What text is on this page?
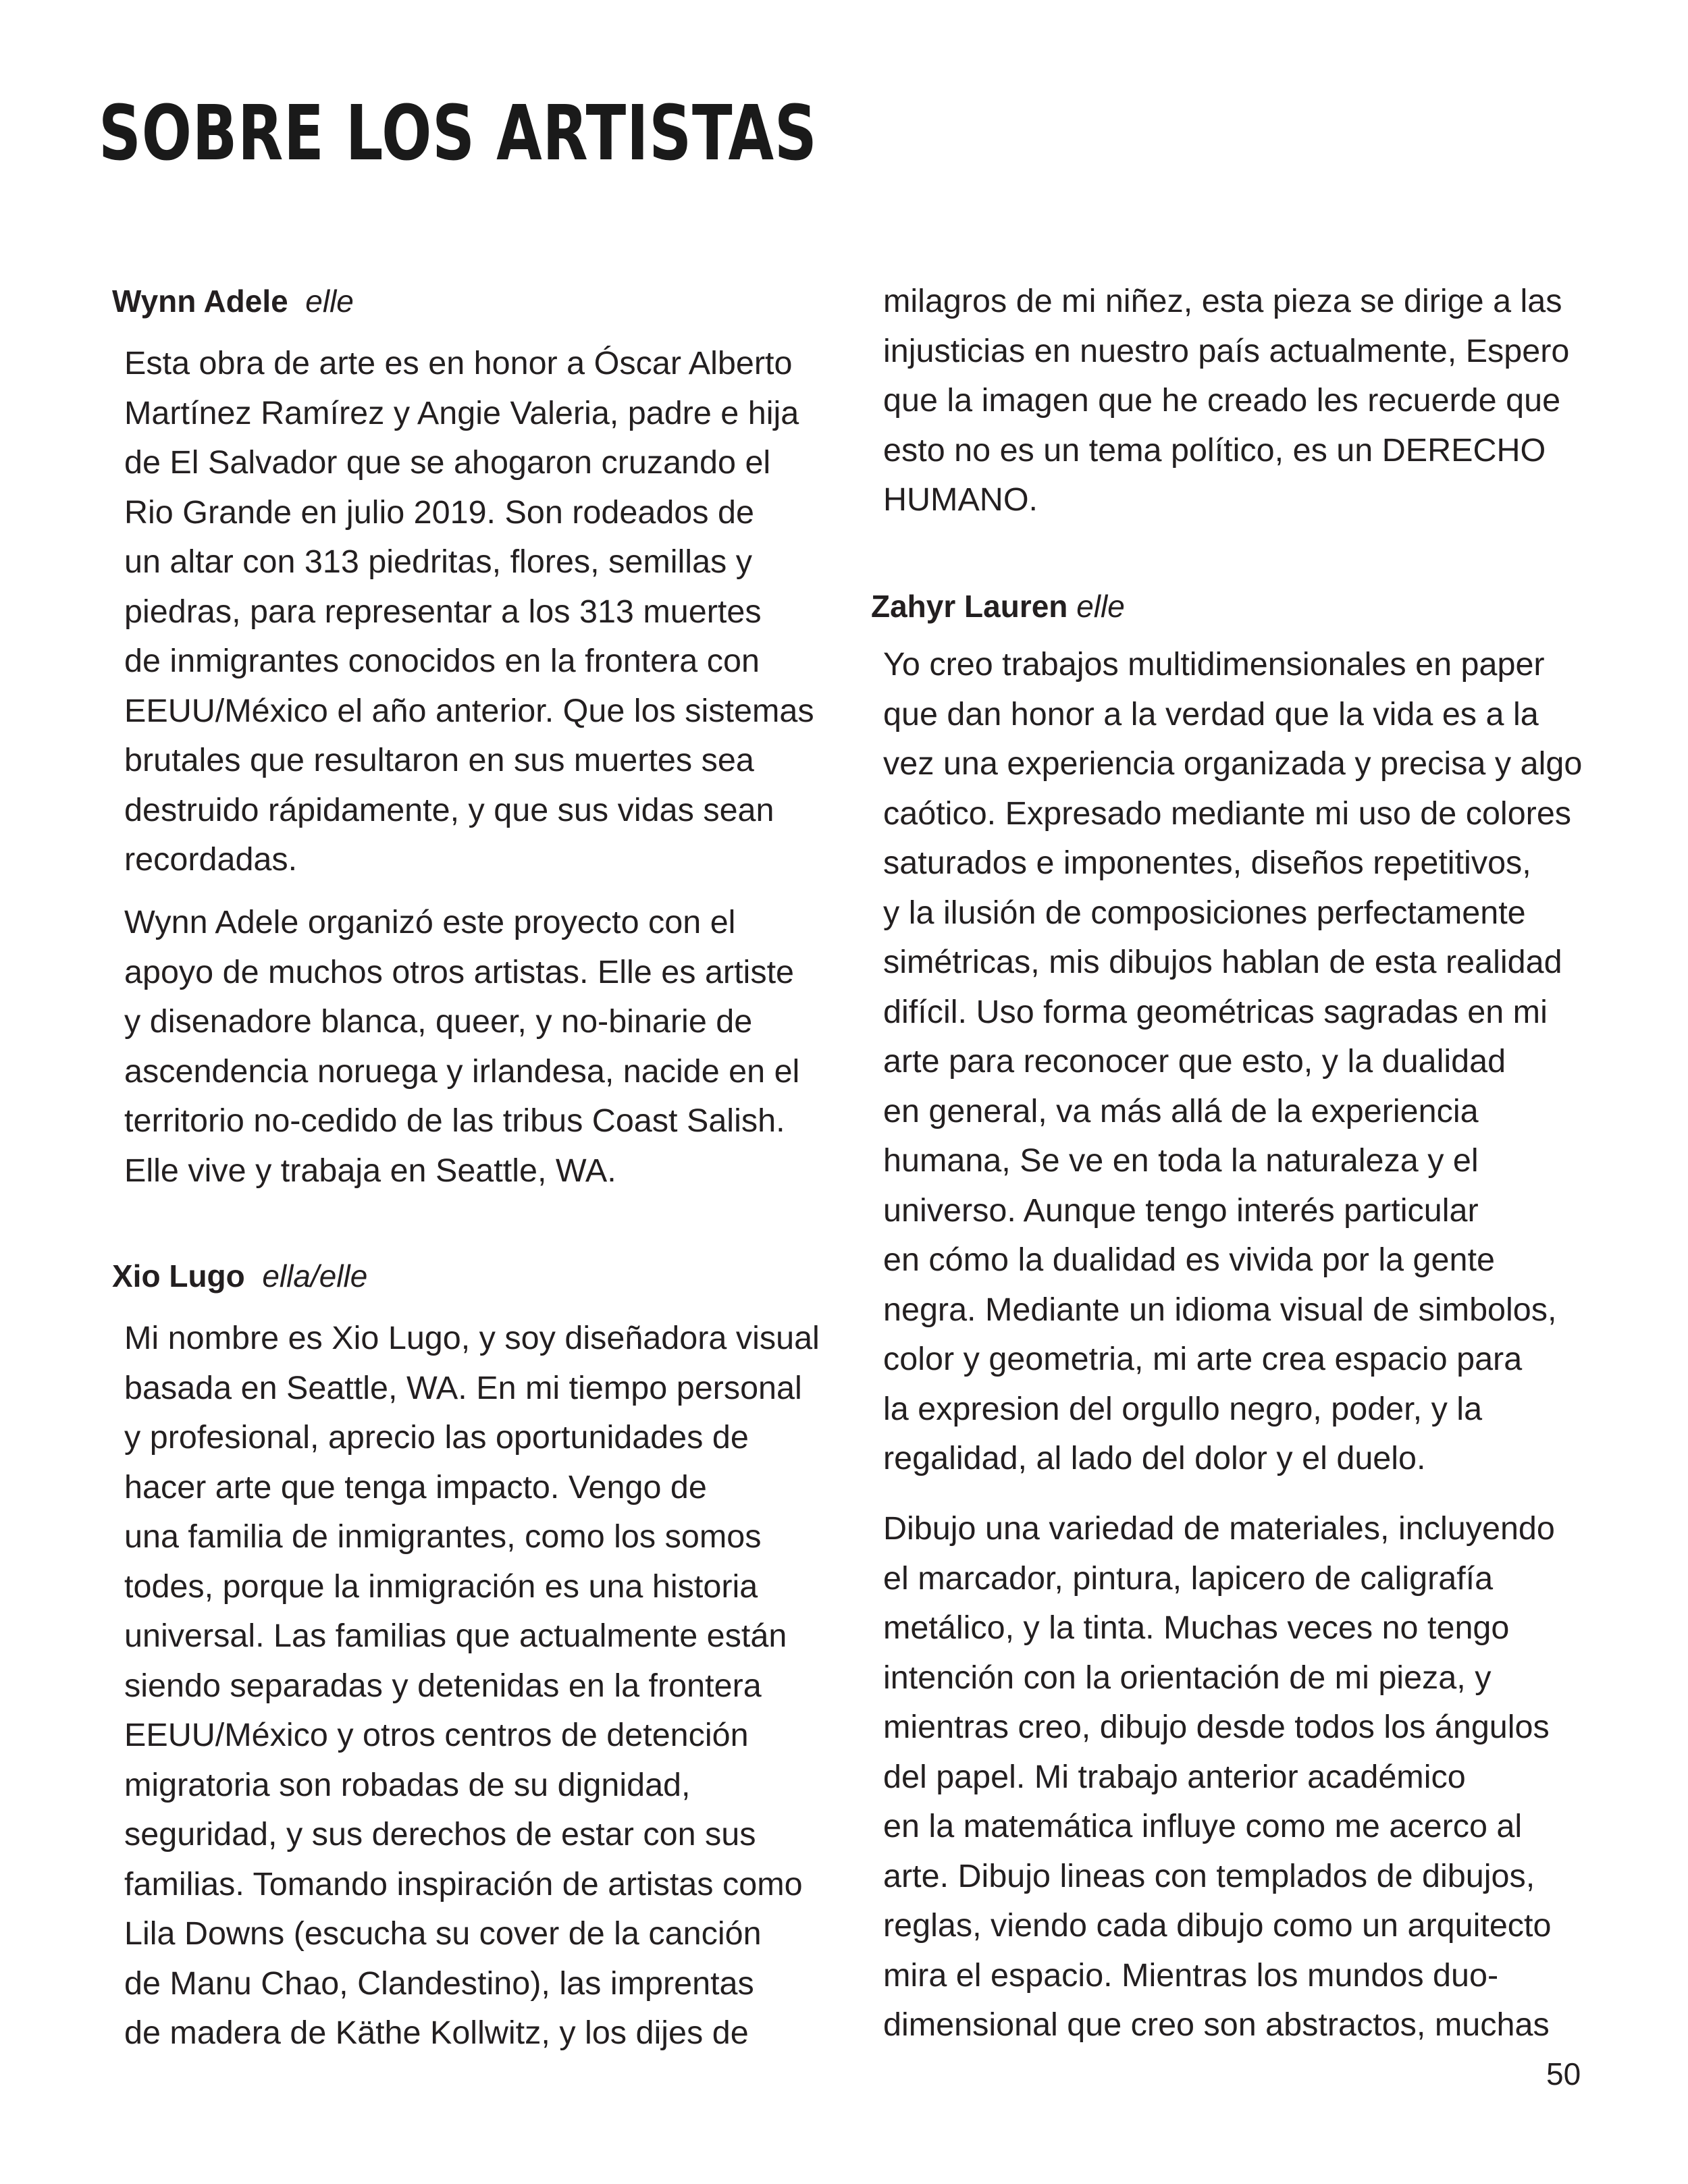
SOBRE LOS ARTISTAS
Wynn Adele elle
Esta obra de arte es en honor a Óscar Alberto
Martínez Ramírez y Angie Valeria, padre e hija
de El Salvador que se ahogaron cruzando el
Rio Grande en julio 2019. Son rodeados de
un altar con 313 piedritas, flores, semillas y
piedras, para representar a los 313 muertes
de inmigrantes conocidos en la frontera con
EEUU/México el año anterior. Que los sistemas
brutales que resultaron en sus muertes sea
destruido rápidamente, y que sus vidas sean
recordadas.
Wynn Adele organizó este proyecto con el
apoyo de muchos otros artistas. Elle es artiste
y disenadore blanca, queer, y no-binarie de
ascendencia noruega y irlandesa, nacide en el
territorio no-cedido de las tribus Coast Salish.
Elle vive y trabaja en Seattle, WA.
Xio Lugo ella/elle
Mi nombre es Xio Lugo, y soy diseñadora visual
basada en Seattle, WA. En mi tiempo personal
y profesional, aprecio las oportunidades de
hacer arte que tenga impacto. Vengo de
una familia de inmigrantes, como los somos
todes, porque la inmigración es una historia
universal. Las familias que actualmente están
siendo separadas y detenidas en la frontera
EEUU/México y otros centros de detención
migratoria son robadas de su dignidad,
seguridad, y sus derechos de estar con sus
familias. Tomando inspiración de artistas como
Lila Downs (escucha su cover de la canción
de Manu Chao, Clandestino), las imprentas
de madera de Käthe Kollwitz, y los dijes de
milagros de mi niñez, esta pieza se dirige a las
injusticias en nuestro país actualmente, Espero
que la imagen que he creado les recuerde que
esto no es un tema político, es un DERECHO
HUMANO.
Zahyr Lauren elle
Yo creo trabajos multidimensionales en paper
que dan honor a la verdad que la vida es a la
vez una experiencia organizada y precisa y algo
caótico. Expresado mediante mi uso de colores
saturados e imponentes, diseños repetitivos,
y la ilusión de composiciones perfectamente
simétricas, mis dibujos hablan de esta realidad
difícil. Uso forma geométricas sagradas en mi
arte para reconocer que esto, y la dualidad
en general, va más allá de la experiencia
humana, Se ve en toda la naturaleza y el
universo. Aunque tengo interés particular
en cómo la dualidad es vivida por la gente
negra. Mediante un idioma visual de simbolos,
color y geometria, mi arte crea espacio para
la expresion del orgullo negro, poder, y la
regalidad, al lado del dolor y el duelo.
Dibujo una variedad de materiales, incluyendo
el marcador, pintura, lapicero de caligrafía
metálico, y la tinta. Muchas veces no tengo
intención con la orientación de mi pieza, y
mientras creo, dibujo desde todos los ángulos
del papel. Mi trabajo anterior académico
en la matemática influye como me acerco al
arte. Dibujo lineas con templados de dibujos,
reglas, viendo cada dibujo como un arquitecto
mira el espacio. Mientras los mundos duo-
dimensional que creo son abstractos, muchas
50
